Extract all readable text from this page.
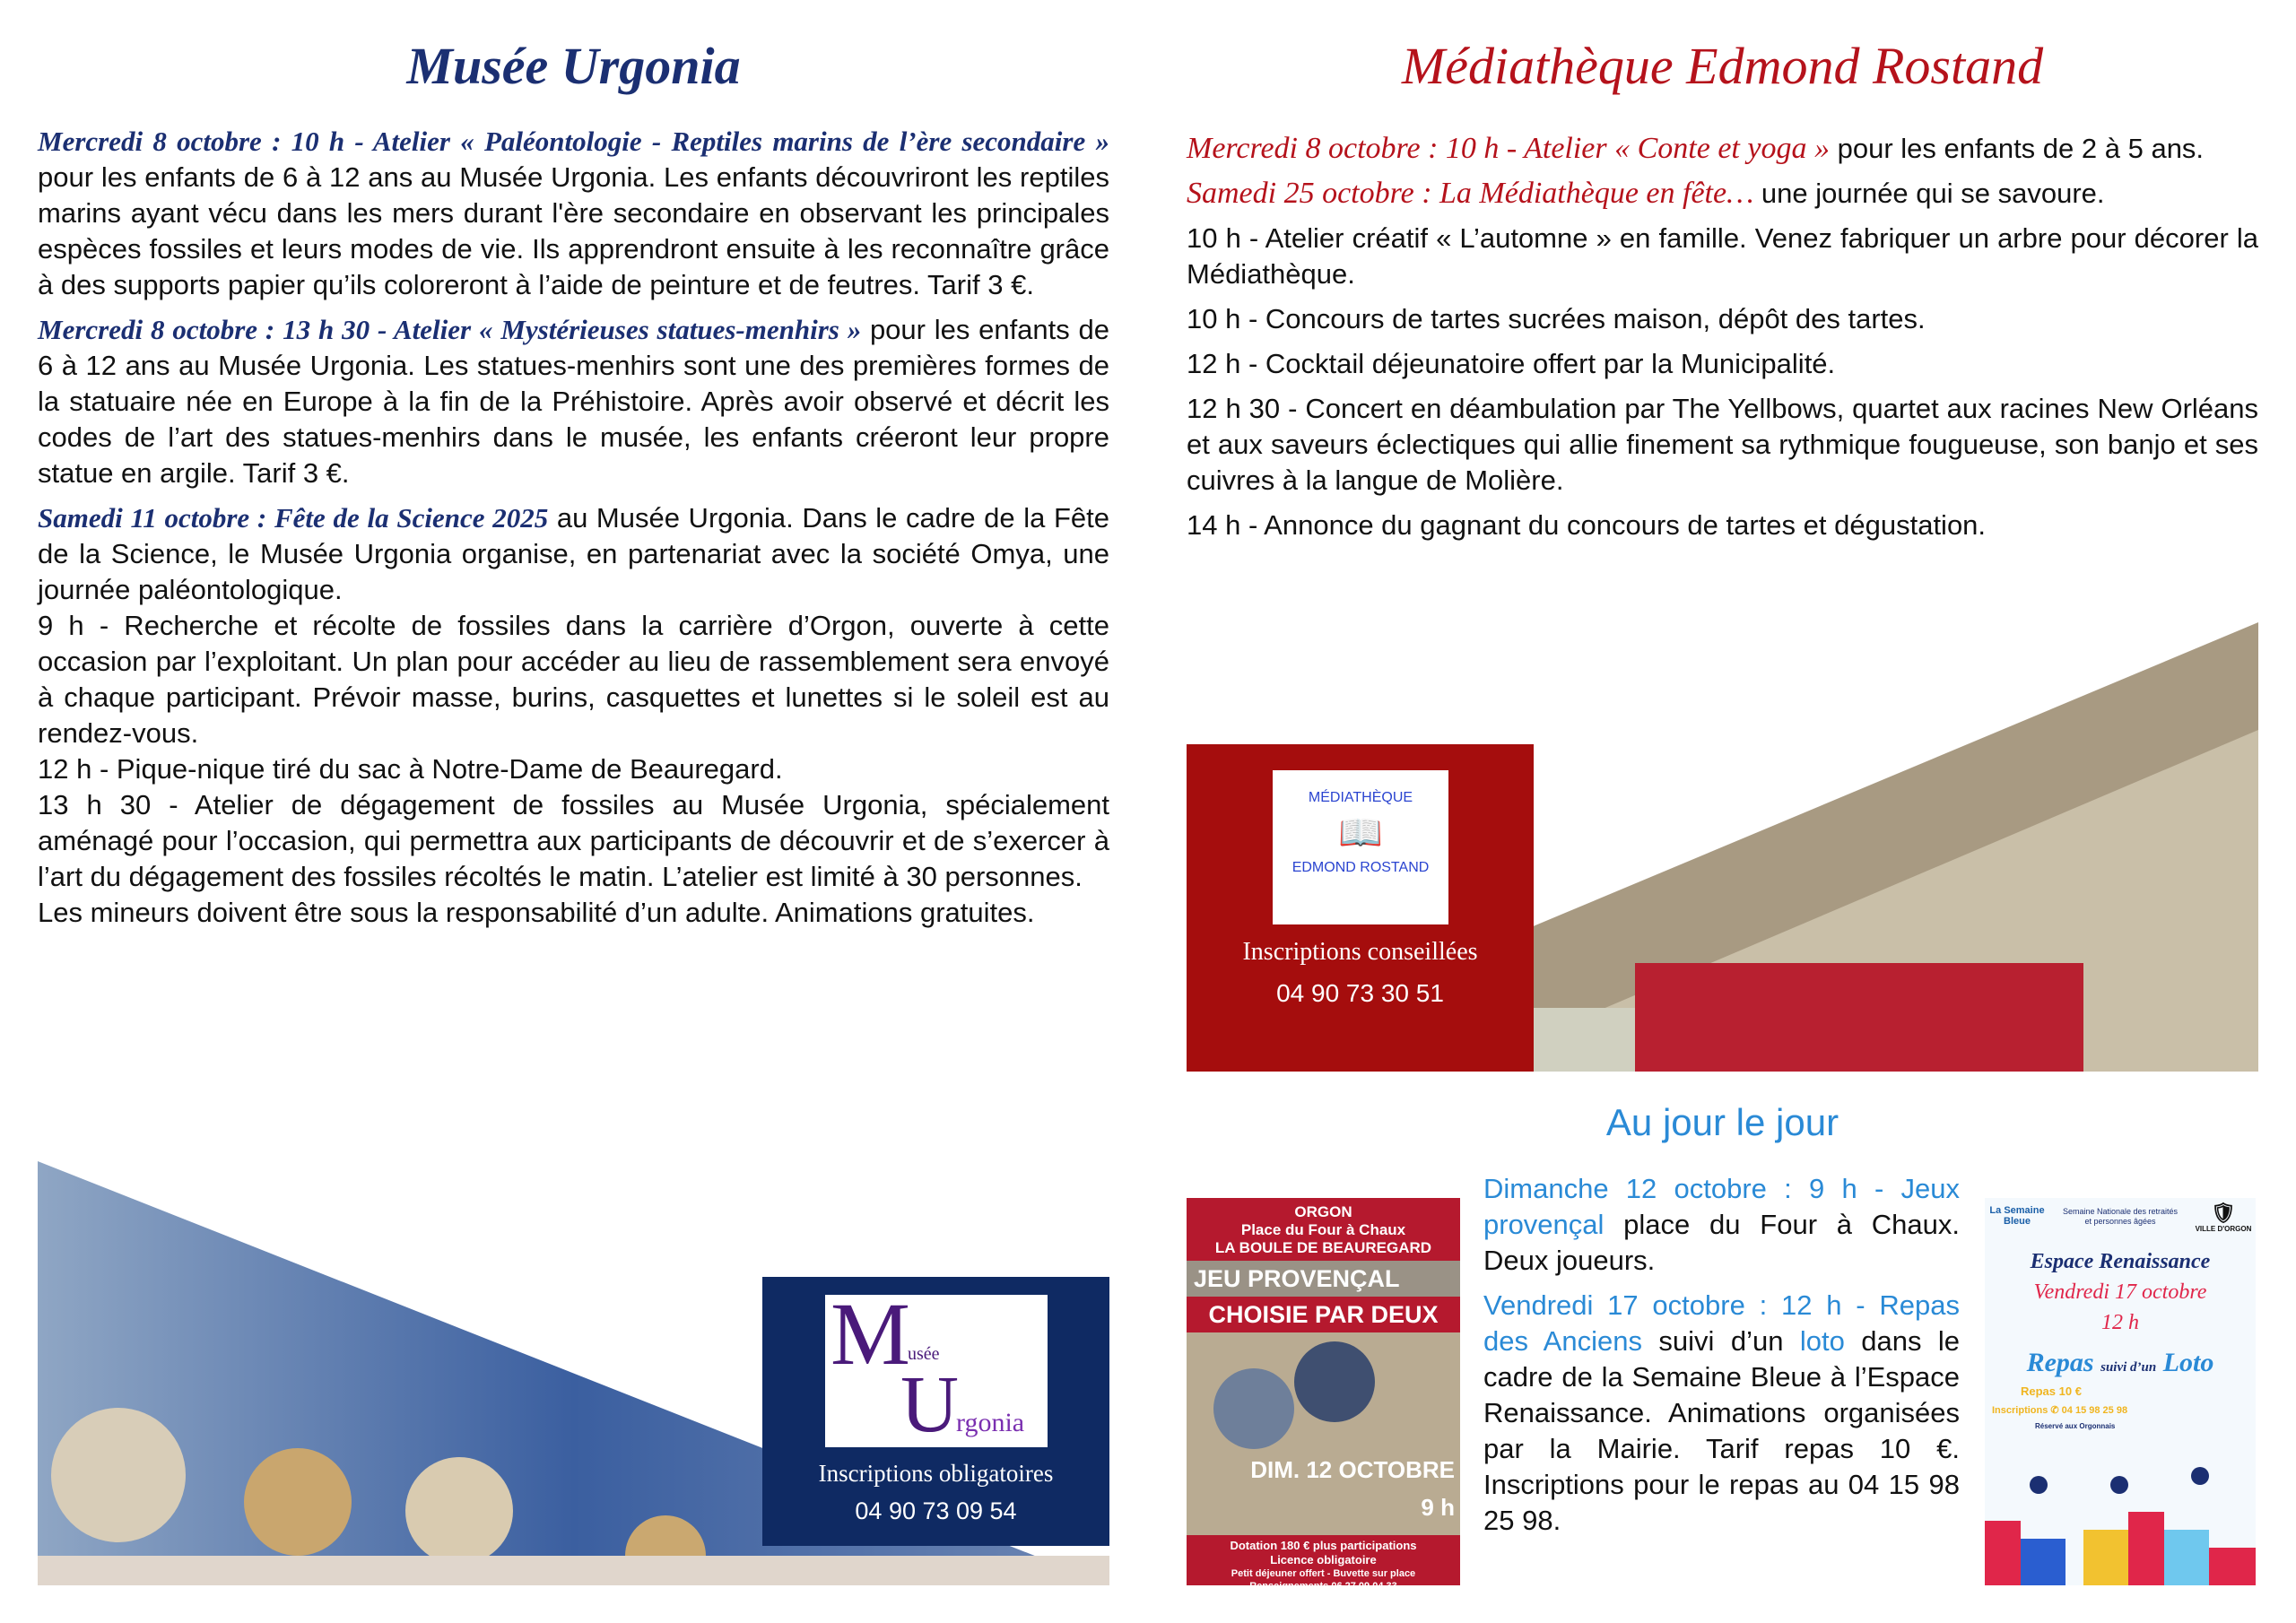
Musée Urgonia

Mercredi 8 octobre : 10 h - Atelier « Paléontologie - Reptiles marins de l’ère secondaire » pour les enfants de 6 à 12 ans au Musée Urgonia. Les enfants découvriront les reptiles marins ayant vécu dans les mers durant l'ère secondaire en observant les principales espèces fossiles et leurs modes de vie. Ils apprendront ensuite à les reconnaître grâce à des supports papier qu’ils coloreront à l’aide de peinture et de feutres. Tarif 3 €.

Mercredi 8 octobre : 13 h 30 - Atelier « Mystérieuses statues-menhirs » pour les enfants de 6 à 12 ans au Musée Urgonia. Les statues-menhirs sont une des premières formes de la statuaire née en Europe à la fin de la Préhistoire. Après avoir observé et décrit les codes de l’art des statues-menhirs dans le musée, les enfants créeront leur propre statue en argile. Tarif 3 €.

Samedi 11 octobre : Fête de la Science 2025 au Musée Urgonia. Dans le cadre de la Fête de la Science, le Musée Urgonia organise, en partenariat avec la société Omya, une journée paléontologique.
9 h - Recherche et récolte de fossiles dans la carrière d’Orgon, ouverte à cette occasion par l’exploitant. Un plan pour accéder au lieu de rassemblement sera envoyé à chaque participant. Prévoir masse, burins, casquettes et lunettes si le soleil est au rendez-vous.
12 h - Pique-nique tiré du sac à Notre-Dame de Beauregard.
13 h 30 - Atelier de dégagement de fossiles au Musée Urgonia, spécialement aménagé pour l’occasion, qui permettra aux participants de découvrir et de s’exercer à l’art du dégagement des fossiles récoltés le matin. L’atelier est limité à 30 personnes.
Les mineurs doivent être sous la responsabilité d’un adulte. Animations gratuites.
M
usée
U
rgonia
Inscriptions obligatoires
04 90 73 09 54
Médiathèque Edmond Rostand

Mercredi 8 octobre : 10 h - Atelier « Conte et yoga » pour les enfants de 2 à 5 ans.

Samedi 25 octobre : La Médiathèque en fête… une journée qui se savoure.

10 h - Atelier créatif « L’automne » en famille. Venez fabriquer un arbre pour décorer la Médiathèque.

10 h - Concours de tartes sucrées maison, dépôt des tartes.

12 h - Cocktail déjeunatoire offert par la Municipalité.

12 h 30 - Concert en déambulation par The Yellbows, quartet aux racines New Orléans et aux saveurs éclectiques qui allie finement sa rythmique fougueuse, son banjo et ses cuivres à la langue de Molière.

14 h - Annonce du gagnant du concours de tartes et dégustation.

MÉDIATHÈQUE
📖
EDMOND ROSTAND
Inscriptions conseillées
04 90 73 30 51
Au jour le jour
ORGON
Place du Four à Chaux
LA BOULE DE BEAUREGARD
JEU PROVENÇAL
CHOISIE PAR DEUX
DIM. 12 OCTOBRE
9 h
Dotation 180 € plus participations
Licence obligatoire
Petit déjeuner offert - Buvette sur place
Renseignements 06 27 09 04 33

Dimanche 12 octobre : 9 h - Jeux provençal place du Four à Chaux. Deux joueurs.

Vendredi 17 octobre : 12 h - Repas des Anciens suivi d’un loto dans le cadre de la Semaine Bleue à l’Espace Renaissance. Animations organisées par la Mairie. Tarif repas 10 €. Inscriptions pour le repas au 04 15 98 25 98.

La Semaine Bleue
Semaine Nationale des retraités et personnes âgées	🛡
VILLE D'ORGON
Espace Renaissance
Vendredi 17 octobre
12 h
Repas suivi d’un Loto
Repas 10 €
Inscriptions ✆ 04 15 98 25 98
Réservé aux Orgonnais
